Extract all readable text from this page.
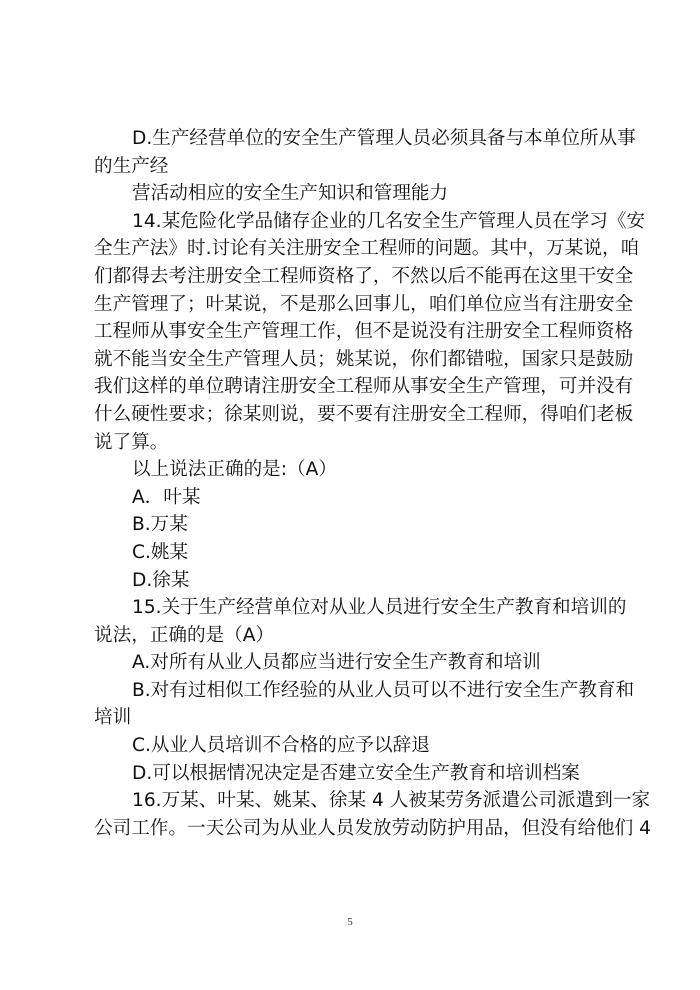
D.生产经营单位的安全生产管理人员必须具备与本单位所从事
的生产经
营活动相应的安全生产知识和管理能力
14.某危险化学品储存企业的几名安全生产管理人员在学习《安
全生产法》时.讨论有关注册安全工程师的问题。其中，万某说，咱
们都得去考注册安全工程师资格了，不然以后不能再在这里干安全
生产管理了；叶某说，不是那么回事儿，咱们单位应当有注册安全
工程师从事安全生产管理工作，但不是说没有注册安全工程师资格
就不能当安全生产管理人员；姚某说，你们都错啦，国家只是鼓励
我们这样的单位聘请注册安全工程师从事安全生产管理，可并没有
什么硬性要求；徐某则说，要不要有注册安全工程师，得咱们老板
说了算。
以上说法正确的是:（A）
A．叶某
B.万某
C.姚某
D.徐某
15.关于生产经营单位对从业人员进行安全生产教育和培训的
说法，正确的是（A）
A.对所有从业人员都应当进行安全生产教育和培训
B.对有过相似工作经验的从业人员可以不进行安全生产教育和
培训
C.从业人员培训不合格的应予以辞退
D.可以根据情况决定是否建立安全生产教育和培训档案
16.万某、叶某、姚某、徐某 4 人被某劳务派遣公司派遣到一家
公司工作。一天公司为从业人员发放劳动防护用品，但没有给他们 4
5
